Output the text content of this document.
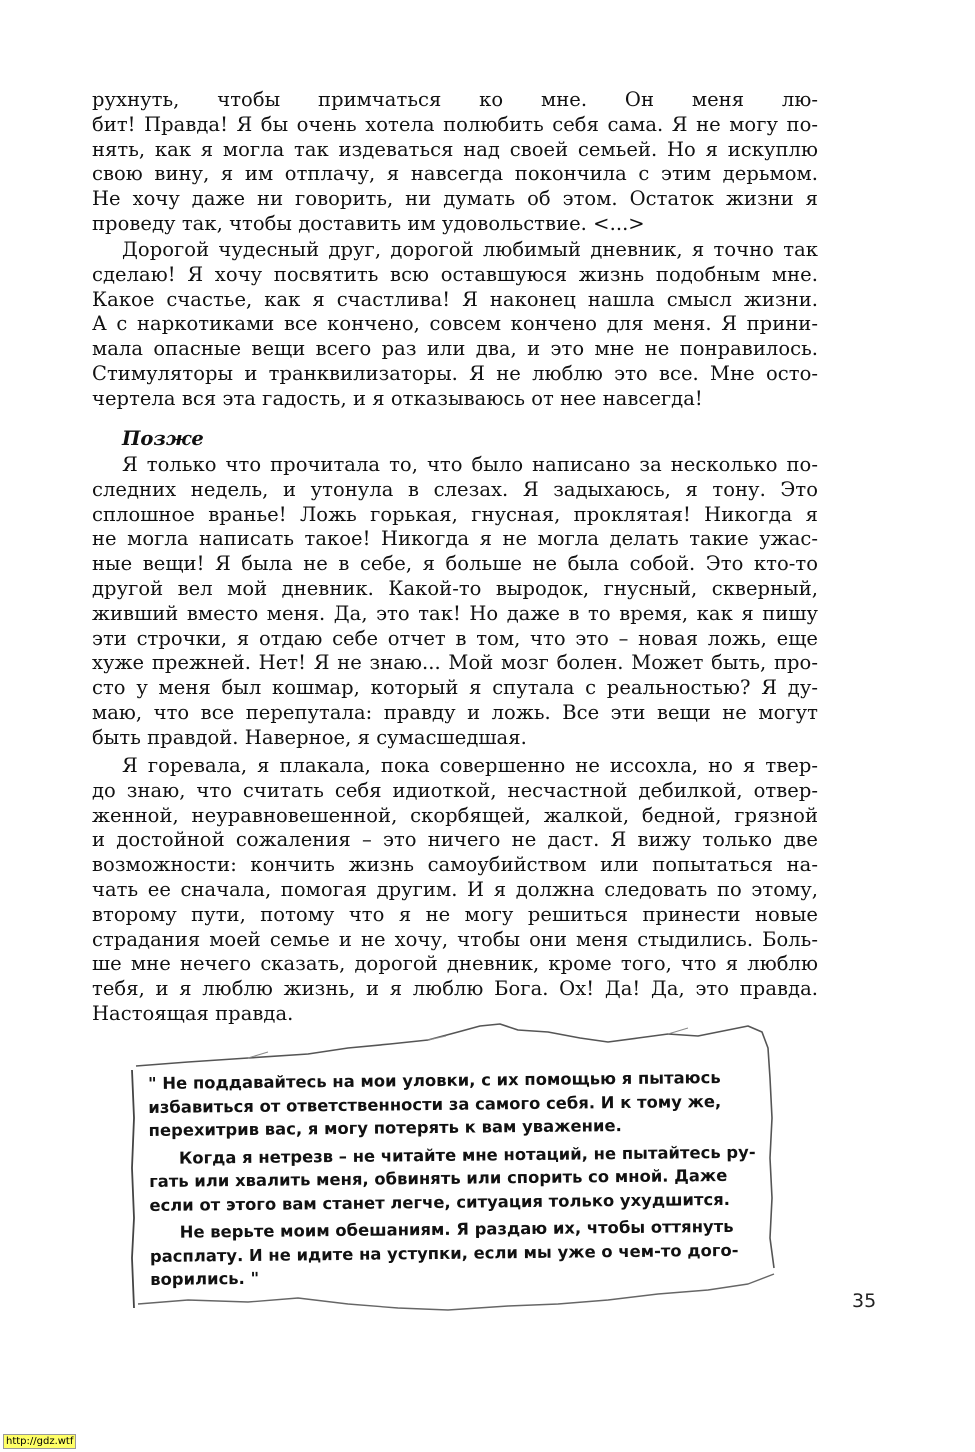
рухнуть, чтобы примчаться ко мне. Он меня лю-
бит! Правда! Я бы очень хотела полюбить себя сама. Я не могу по-
нять, как я могла так издеваться над своей семьей. Но я искуплю
свою вину, я им отплачу, я навсегда покончила с этим дерьмом.
Не хочу даже ни говорить, ни думать об этом. Остаток жизни я
проведу так, чтобы доставить им удовольствие. <...>
Дорогой чудесный друг, дорогой любимый дневник, я точно так
сделаю! Я хочу посвятить всю оставшуюся жизнь подобным мне.
Какое счастье, как я счастлива! Я наконец нашла смысл жизни.
А с наркотиками все кончено, совсем кончено для меня. Я прини-
мала опасные вещи всего раз или два, и это мне не понравилось.
Стимуляторы и транквилизаторы. Я не люблю это все. Мне осто-
чертела вся эта гадость, и я отказываюсь от нее навсегда!
Позже
Я только что прочитала то, что было написано за несколько по-
следних недель, и утонула в слезах. Я задыхаюсь, я тону. Это
сплошное вранье! Ложь горькая, гнусная, проклятая! Никогда я
не могла написать такое! Никогда я не могла делать такие ужас-
ные вещи! Я была не в себе, я больше не была собой. Это кто-то
другой вел мой дневник. Какой-то выродок, гнусный, скверный,
живший вместо меня. Да, это так! Но даже в то время, как я пишу
эти строчки, я отдаю себе отчет в том, что это – новая ложь, еще
хуже прежней. Нет! Я не знаю... Мой мозг болен. Может быть, про-
сто у меня был кошмар, который я спутала с реальностью? Я ду-
маю, что все перепутала: правду и ложь. Все эти вещи не могут
быть правдой. Наверное, я сумасшедшая.
Я горевала, я плакала, пока совершенно не иссохла, но я твер-
до знаю, что считать себя идиоткой, несчастной дебилкой, отвер-
женной, неуравновешенной, скорбящей, жалкой, бедной, грязной
и достойной сожаления – это ничего не даст. Я вижу только две
возможности: кончить жизнь самоубийством или попытаться на-
чать ее сначала, помогая другим. И я должна следовать по этому,
второму пути, потому что я не могу решиться принести новые
страдания моей семье и не хочу, чтобы они меня стыдились. Боль-
ше мне нечего сказать, дорогой дневник, кроме того, что я люблю
тебя, и я люблю жизнь, и я люблю Бога. Ох! Да! Да, это правда.
Настоящая правда.
" Не поддавайтесь на мои уловки, с их помощью я пытаюсь
избавиться от ответственности за самого себя. И к тому же,
перехитрив вас, я могу потерять к вам уважение.
Когда я нетрезв – не читайте мне нотаций, не пытайтесь ру-
гать или хвалить меня, обвинять или спорить со мной. Даже
если от этого вам станет легче, ситуация только ухудшится.
Не верьте моим обешаниям. Я раздаю их, чтобы оттянуть
расплату. И не идите на уступки, если мы уже о чем-то дого-
ворились. "
35
http://gdz.wtf
